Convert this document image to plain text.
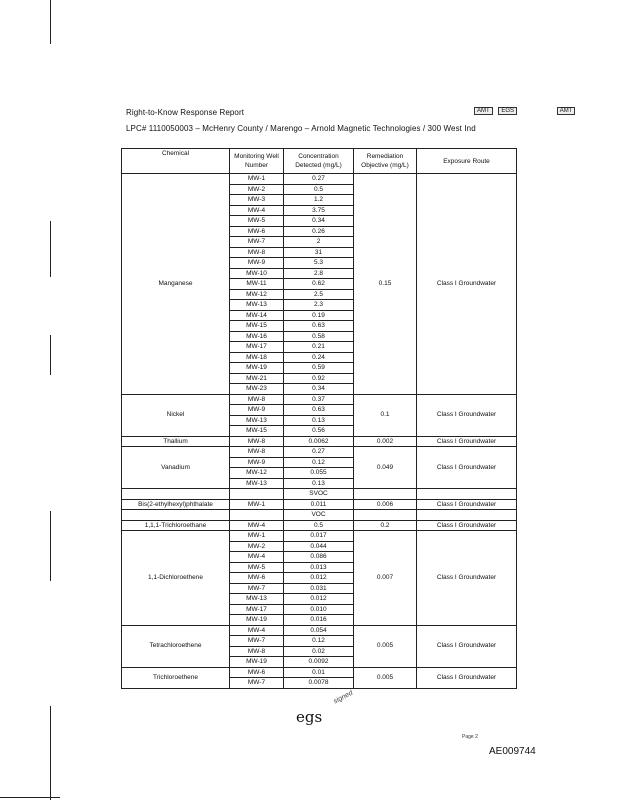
Right-to-Know Response Report
LPC# 1110050003 – McHenry County / Marengo – Arnold Magnetic Technologies / 300 West Ind
AMT EGS	AMT
Chemical	Monitoring Well Number	Concentration Detected (mg/L)	Remediation Objective (mg/L)	Exposure Route
Manganese	MW-1	0.27	0.15	Class I Groundwater
	MW-2	0.5		
	MW-3	1.2		
	MW-4	3.75		
	MW-5	0.34		
	MW-6	0.26		
	MW-7	2		
	MW-8	31		
	MW-9	5.3		
	MW-10	2.8		
	MW-11	0.62		
	MW-12	2.5		
	MW-13	2.3		
	MW-14	0.19		
	MW-15	0.63		
	MW-16	0.58		
	MW-17	0.21		
	MW-18	0.24		
	MW-19	0.59		
	MW-21	0.92		
	MW-23	0.34		
Nickel	MW-8	0.37	0.1	Class I Groundwater
	MW-9	0.63		
	MW-13	0.13		
	MW-15	0.56		
Thallium	MW-8	0.0062	0.002	Class I Groundwater
Vanadium	MW-8	0.27	0.049	Class I Groundwater
	MW-9	0.12		
	MW-12	0.055		
	MW-13	0.13		
		SVOC		
Bis(2-ethylhexyl)phthalate	MW-1	0.011	0.006	Class I Groundwater
		VOC		
1,1,1-Trichloroethane	MW-4	0.5	0.2	Class I Groundwater
1,1-Dichloroethene	MW-1	0.017	0.007	Class I Groundwater
	MW-2	0.044		
	MW-4	0.086		
	MW-5	0.013		
	MW-6	0.012		
	MW-7	0.031		
	MW-13	0.012		
	MW-17	0.010		
	MW-19	0.016		
Tetrachloroethene	MW-4	0.054	0.005	Class I Groundwater
	MW-7	0.12		
	MW-8	0.02		
	MW-19	0.0092		
Trichloroethene	MW-6	0.01	0.005	Class I Groundwater
	MW-7	0.0078		
egs
signed
Page 2
AE009744
